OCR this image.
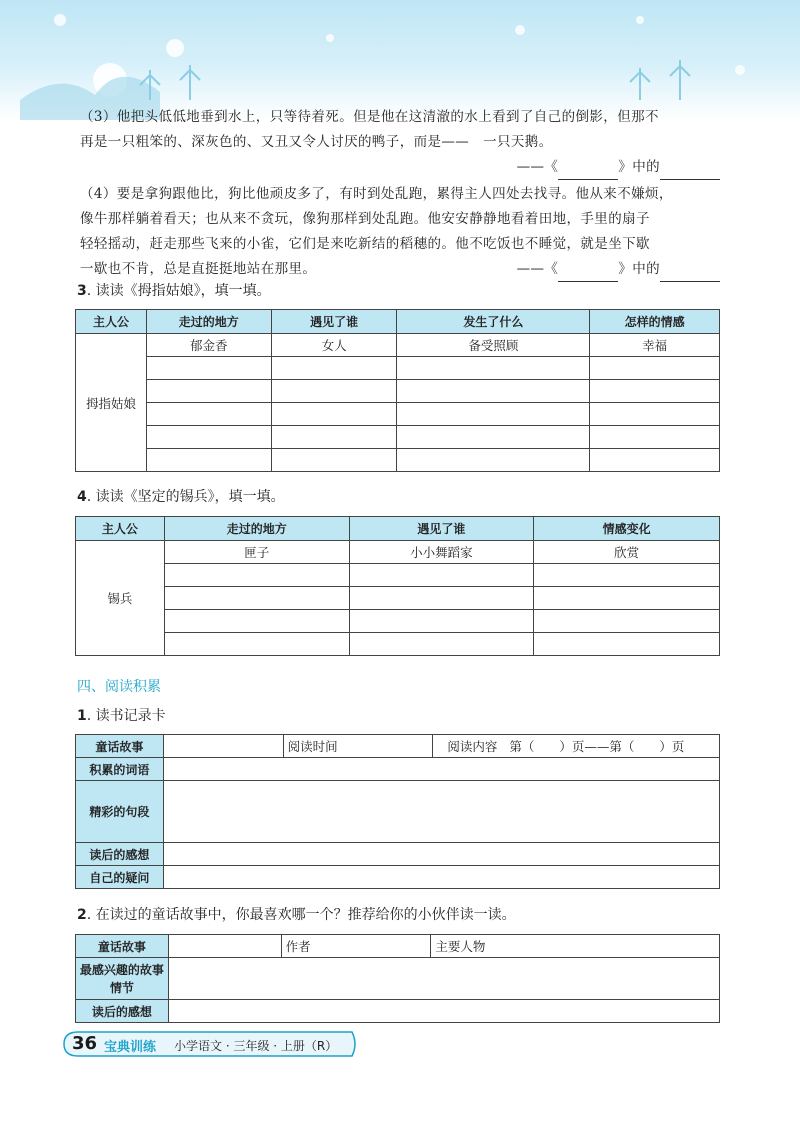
（3）他把头低低地垂到水上，只等待着死。但是他在这清澈的水上看到了自己的倒影，但那不

再是一只粗笨的、深灰色的、又丑又令人讨厌的鸭子，而是——　一只天鹅。

——《	》中的

（4）要是拿狗跟他比，狗比他顽皮多了，有时到处乱跑，累得主人四处去找寻。他从来不嫌烦，

像牛那样躺着看天；也从来不贪玩，像狗那样到处乱跑。他安安静静地看着田地，手里的扇子

轻轻摇动，赶走那些飞来的小雀，它们是来吃新结的稻穗的。他不吃饭也不睡觉，就是坐下歇

一歇也不肯，总是直挺挺地站在那里。	——《	》中的

3. 读读《拇指姑娘》，填一填。
主人公	走过的地方	遇见了谁	发生了什么	怎样的情感
拇指姑娘	郁金香	女人	备受照顾	幸福

4. 读读《坚定的锡兵》，填一填。
主人公	走过的地方	遇见了谁	情感变化
锡兵	匣子	小小舞蹈家	欣赏

四、阅读积累
1. 读书记录卡
童话故事		阅读时间	阅读内容 第（　　）页——第（　　）页
积累的词语			
精彩的句段			
读后的感想			
自己的疑问			
2. 在读过的童话故事中，你最喜欢哪一个？推荐给你的小伙伴读一读。
童话故事		作者	主要人物
最感兴趣的故事情节			
读后的感想			
36 宝典训练 小学语文 · 三年级 · 上册（R）
